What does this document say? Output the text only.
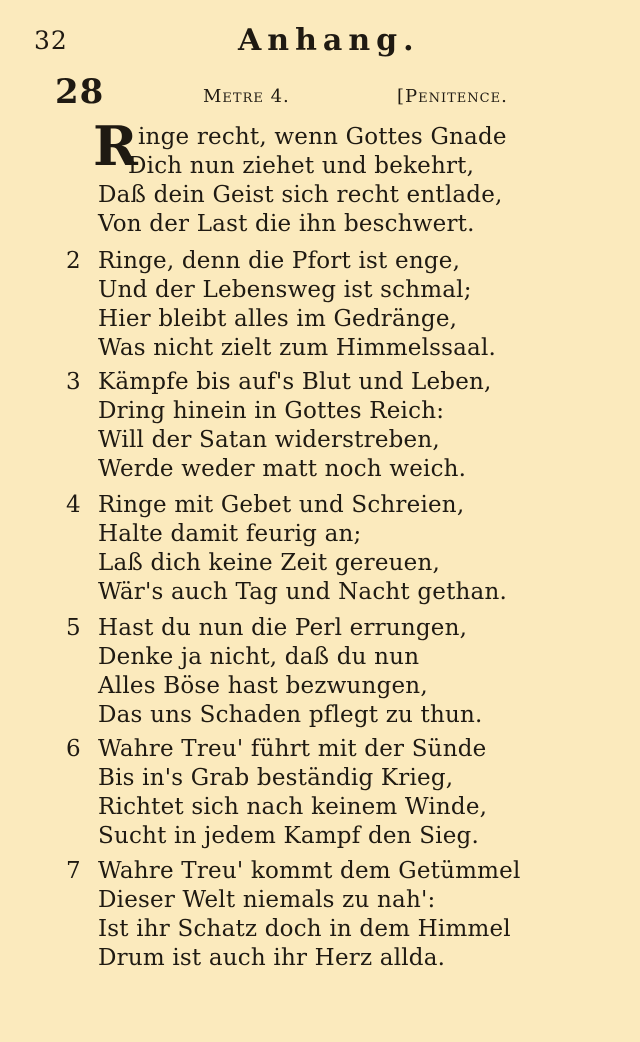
32	Anhang.
28	Metre 4.	[Penitence.
R inge recht, wenn Gottes Gnade
Dich nun ziehet und bekehrt,
Daß dein Geist sich recht entlade,
Von der Last die ihn beschwert.
2 Ringe, denn die Pfort ist enge,
Und der Lebensweg ist schmal;
Hier bleibt alles im Gedränge,
Was nicht zielt zum Himmelssaal.
3 Kämpfe bis auf's Blut und Leben,
Dring hinein in Gottes Reich:
Will der Satan widerstreben,
Werde weder matt noch weich.
4 Ringe mit Gebet und Schreien,
Halte damit feurig an;
Laß dich keine Zeit gereuen,
Wär's auch Tag und Nacht gethan.
5 Hast du nun die Perl errungen,
Denke ja nicht, daß du nun
Alles Böse hast bezwungen,
Das uns Schaden pflegt zu thun.
6 Wahre Treu' führt mit der Sünde
Bis in's Grab beständig Krieg,
Richtet sich nach keinem Winde,
Sucht in jedem Kampf den Sieg.
7 Wahre Treu' kommt dem Getümmel
Dieser Welt niemals zu nah':
Ist ihr Schatz doch in dem Himmel
Drum ist auch ihr Herz allda.
